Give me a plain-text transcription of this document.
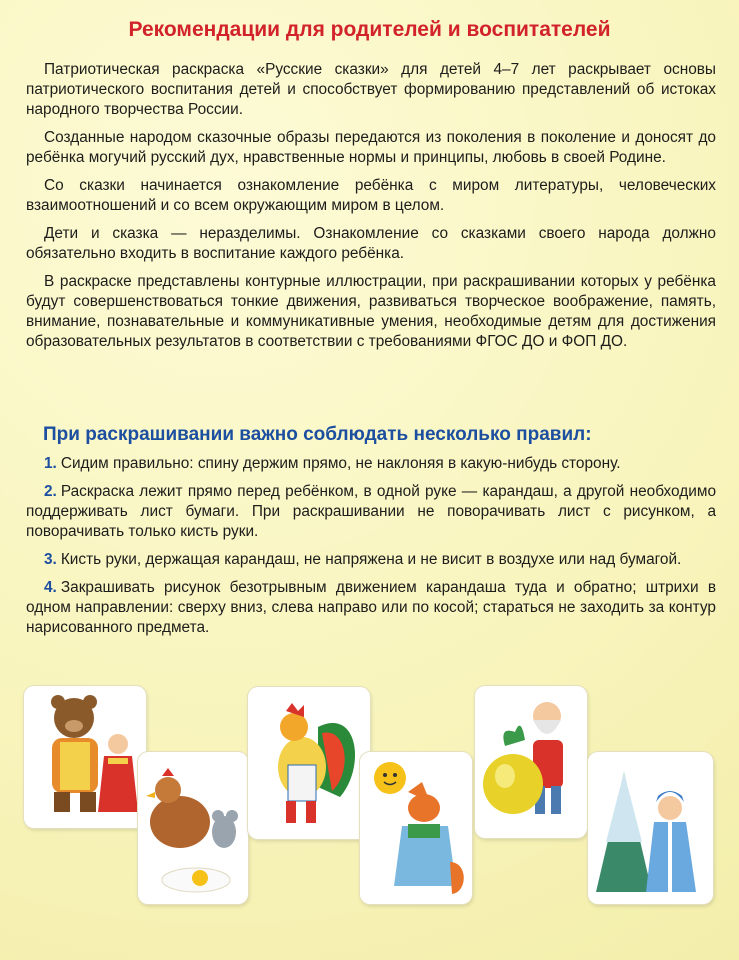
Рекомендации для родителей и воспитателей

Патриотическая раскраска «Русские сказки» для детей 4–7 лет раскрывает основы патриотического воспитания детей и способствует формированию представлений об истоках народного творчества России.

Созданные народом сказочные образы передаются из поколения в поколение и доносят до ребёнка могучий русский дух, нравственные нормы и принципы, любовь в своей Родине.

Со сказки начинается ознакомление ребёнка с миром литературы, человеческих взаимоотношений и со всем окружающим миром в целом.

Дети и сказка — неразделимы. Ознакомление со сказками своего народа должно обязательно входить в воспитание каждого ребёнка.

В раскраске представлены контурные иллюстрации, при раскрашивании которых у ребёнка будут совершенствоваться тонкие движения, развиваться творческое воображение, память, внимание, познавательные и коммуникативные умения, необходимые детям для достижения образовательных результатов в соответствии с требованиями ФГОС ДО и ФОП ДО.

При раскрашивании важно соблюдать несколько правил:
1. Сидим правильно: спину держим прямо, не наклоняя в какую-нибудь сторону.
2. Раскраска лежит прямо перед ребёнком, в одной руке — карандаш, а другой необходимо поддерживать лист бумаги. При раскрашивании не поворачивать лист с рисунком, а поворачивать только кисть руки.
3. Кисть руки, держащая карандаш, не напряжена и не висит в воздухе или над бумагой.
4. Закрашивать рисунок безотрывным движением карандаша туда и обратно; штрихи в одном направлении: сверху вниз, слева направо или по косой; стараться не заходить за контур нарисованного предмета.
